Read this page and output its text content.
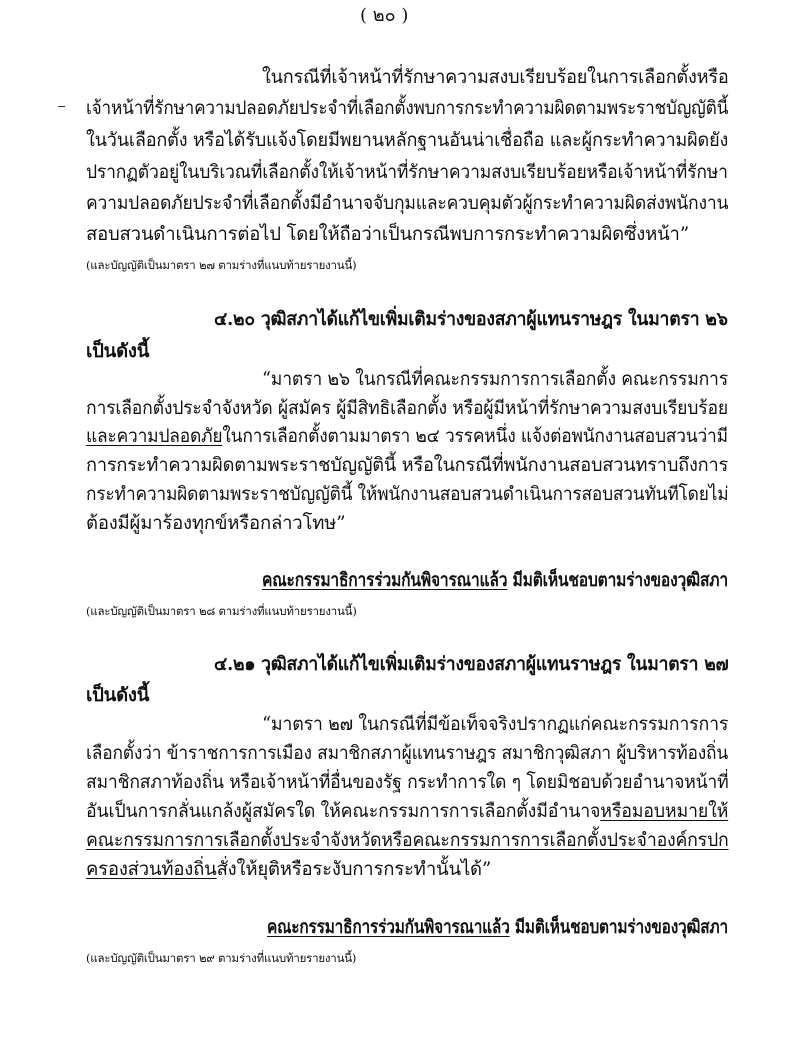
( ๒๐ )
ในกรณีที่เจ้าหน้าที่รักษาความสงบเรียบร้อยในการเลือกตั้งหรือ
เจ้าหน้าที่รักษาความปลอดภัยประจำที่เลือกตั้งพบการกระทำความผิดตามพระราชบัญญัตินี้
ในวันเลือกตั้ง หรือได้รับแจ้งโดยมีพยานหลักฐานอันน่าเชื่อถือ และผู้กระทำความผิดยัง
ปรากฏตัวอยู่ในบริเวณที่เลือกตั้งให้เจ้าหน้าที่รักษาความสงบเรียบร้อยหรือเจ้าหน้าที่รักษา
ความปลอดภัยประจำที่เลือกตั้งมีอำนาจจับกุมและควบคุมตัวผู้กระทำความผิดส่งพนักงาน
สอบสวนดำเนินการต่อไป โดยให้ถือว่าเป็นกรณีพบการกระทำความผิดซึ่งหน้า”
(และบัญญัติเป็นมาตรา ๒๗ ตามร่างที่แนบท้ายรายงานนี้)
๔.๒๐ วุฒิสภาได้แก้ไขเพิ่มเติมร่างของสภาผู้แทนราษฎร ในมาตรา ๒๖
เป็นดังนี้
“มาตรา ๒๖ ในกรณีที่คณะกรรมการการเลือกตั้ง คณะกรรมการ
การเลือกตั้งประจำจังหวัด ผู้สมัคร ผู้มีสิทธิเลือกตั้ง หรือผู้มีหน้าที่รักษาความสงบเรียบร้อย
และความปลอดภัยในการเลือกตั้งตามมาตรา ๒๔ วรรคหนึ่ง แจ้งต่อพนักงานสอบสวนว่ามี
การกระทำความผิดตามพระราชบัญญัตินี้ หรือในกรณีที่พนักงานสอบสวนทราบถึงการ
กระทำความผิดตามพระราชบัญญัตินี้ ให้พนักงานสอบสวนดำเนินการสอบสวนทันทีโดยไม่
ต้องมีผู้มาร้องทุกข์หรือกล่าวโทษ”
คณะกรรมาธิการร่วมกันพิจารณาแล้ว มีมติเห็นชอบตามร่างของวุฒิสภา
(และบัญญัติเป็นมาตรา ๒๘ ตามร่างที่แนบท้ายรายงานนี้)
๔.๒๑ วุฒิสภาได้แก้ไขเพิ่มเติมร่างของสภาผู้แทนราษฎร ในมาตรา ๒๗
เป็นดังนี้
“มาตรา ๒๗ ในกรณีที่มีข้อเท็จจริงปรากฏแก่คณะกรรมการการ
เลือกตั้งว่า ข้าราชการการเมือง สมาชิกสภาผู้แทนราษฎร สมาชิกวุฒิสภา ผู้บริหารท้องถิ่น
สมาชิกสภาท้องถิ่น หรือเจ้าหน้าที่อื่นของรัฐ กระทำการใด ๆ โดยมิชอบด้วยอำนาจหน้าที่
อันเป็นการกลั่นแกล้งผู้สมัครใด ให้คณะกรรมการการเลือกตั้งมีอำนาจหรือมอบหมายให้
คณะกรรมการการเลือกตั้งประจำจังหวัดหรือคณะกรรมการการเลือกตั้งประจำองค์กรปก
ครองส่วนท้องถิ่นสั่งให้ยุติหรือระงับการกระทำนั้นได้”
คณะกรรมาธิการร่วมกันพิจารณาแล้ว มีมติเห็นชอบตามร่างของวุฒิสภา
(และบัญญัติเป็นมาตรา ๒๙ ตามร่างที่แนบท้ายรายงานนี้)
